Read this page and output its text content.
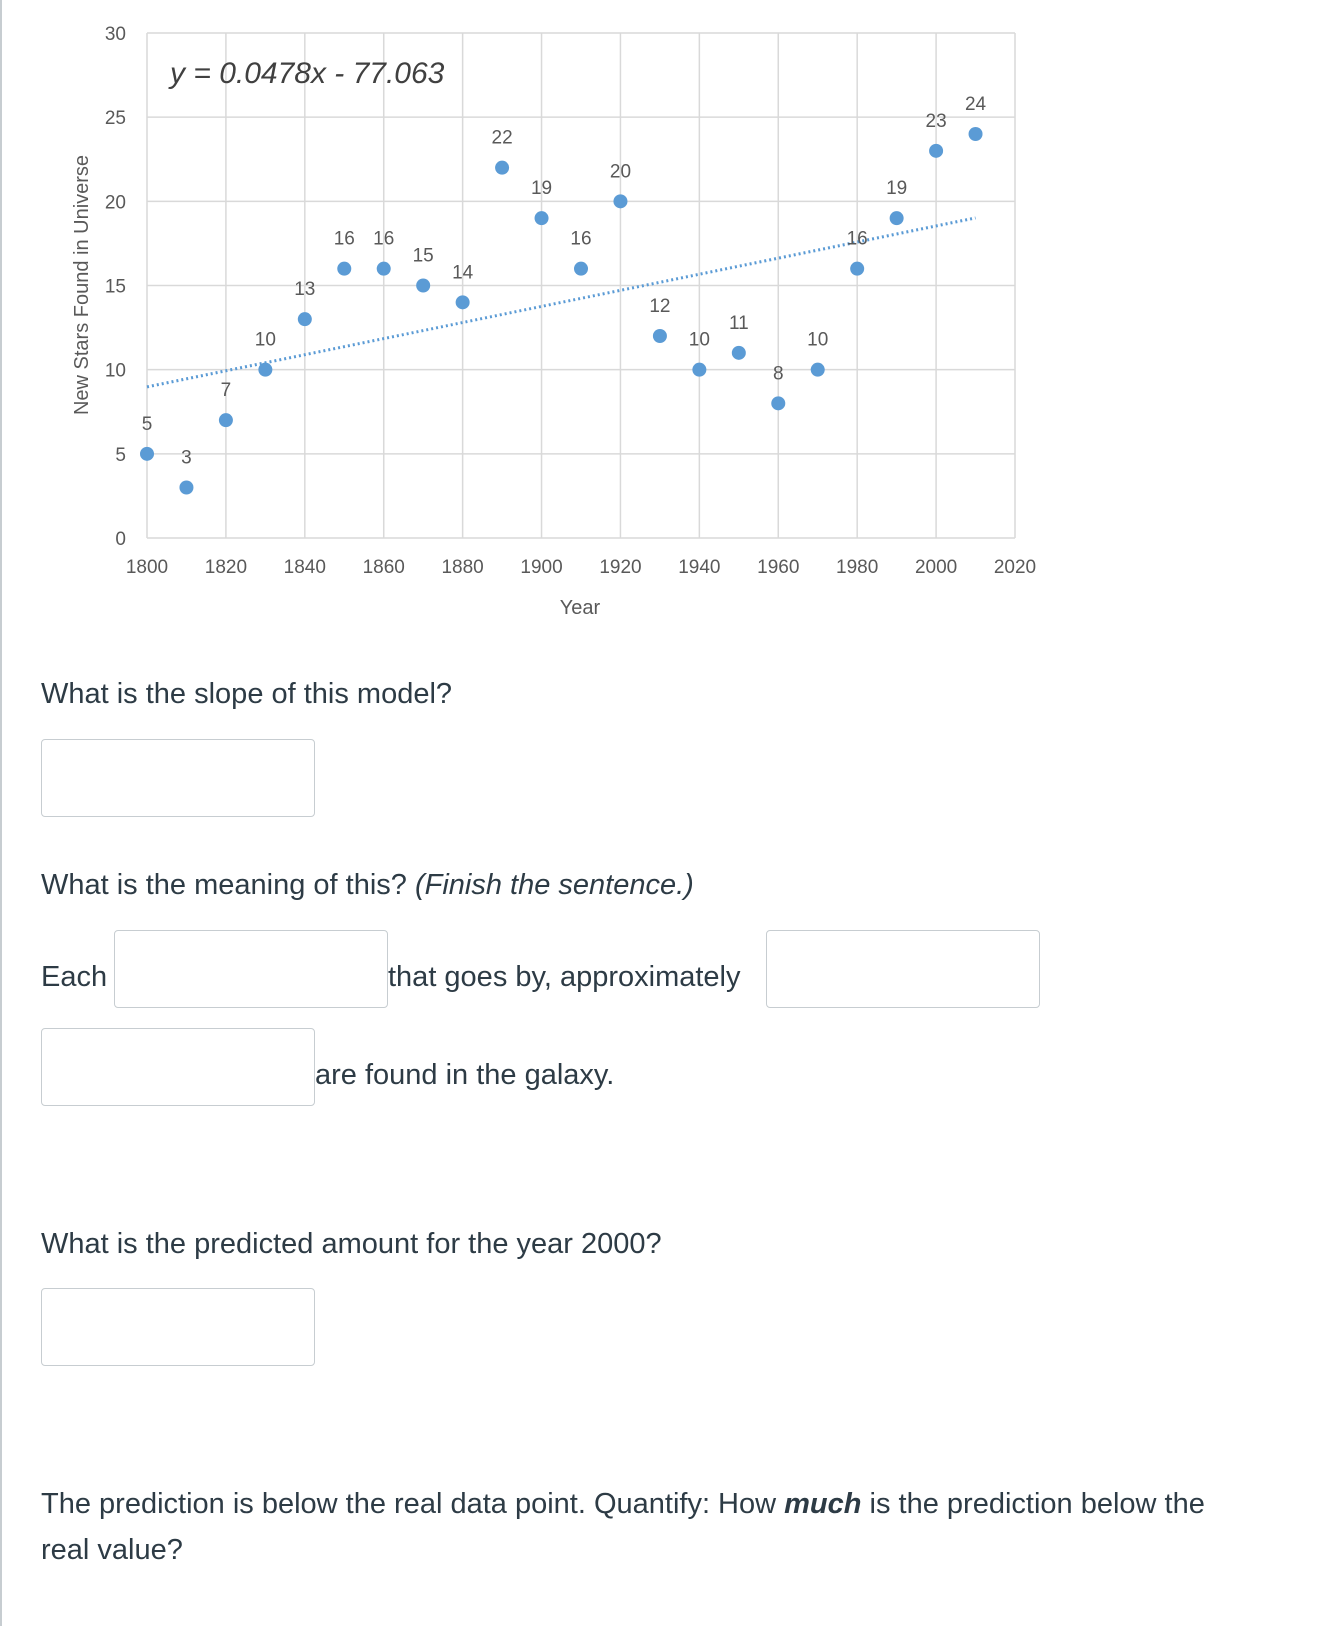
5
3
7
10
13
16 16
15
14
22
19
16
20
12
10
11
8
10
16
19
23
24
0
5
10
15
20
25
30
1800 1820 1840 1860 1880 1900 1920 1940 1960 1980 2000 2020
y = 0.0478x - 77.063
Year
New Stars Found in Universe
What is the slope of this model?
What is the meaning of this? (Finish the sentence.)
Each	that goes by, approximately
are found in the galaxy.
What is the predicted amount for the year 2000?
The prediction is below the real data point. Quantify: How much is the prediction below the
real value?
